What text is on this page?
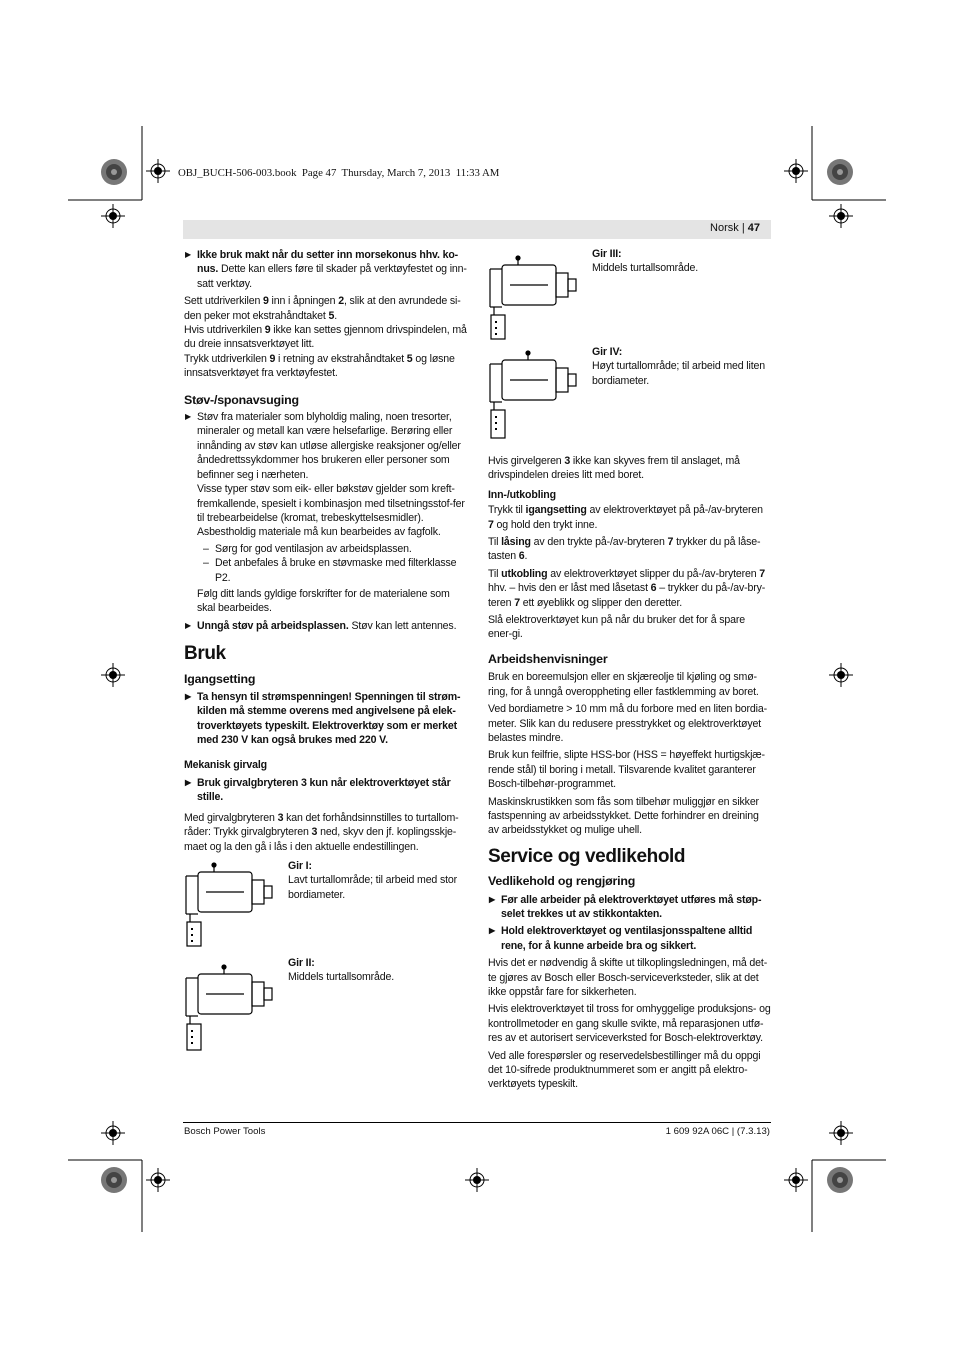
OBJ_BUCH-506-003.book  Page 47  Thursday, March 7, 2013  11:33 AM
Norsk | 47

▶ Ikke bruk makt når du setter inn morsekonus hhv. ko-nus. Dette kan ellers føre til skader på verktøyfestet og inn-satt verktøy.

Sett utdriverkilen 9 inn i åpningen 2, slik at den avrundede si-den peker mot ekstrahåndtaket 5.

Hvis utdriverkilen 9 ikke kan settes gjennom drivspindelen, må du dreie innsatsverktøyet litt.

Trykk utdriverkilen 9 i retning av ekstrahåndtaket 5 og løsne innsatsverktøyet fra verktøyfestet.

Støv-/sponavsuging

▶ Støv fra materialer som blyholdig maling, noen tresorter, mineraler og metall kan være helsefarlige. Berøring eller innånding av støv kan utløse allergiske reaksjoner og/eller åndedrettssykdommer hos brukeren eller personer som befinner seg i nærheten.

Visse typer støv som eik- eller bøkstøv gjelder som kreft-fremkallende, spesielt i kombinasjon med tilsetningsstof-fer til trebearbeidelse (kromat, trebeskyttelsesmidler). Asbestholdig materiale må kun bearbeides av fagfolk.

– Sørg for god ventilasjon av arbeidsplassen.

– Det anbefales å bruke en støvmaske med filterklasse P2.

Følg ditt lands gyldige forskrifter for de materialene som skal bearbeides.

▶ Unngå støv på arbeidsplassen. Støv kan lett antennes.

Bruk
Igangsetting

▶ Ta hensyn til strømspenningen! Spenningen til strøm-kilden må stemme overens med angivelsene på elek-troverktøyets typeskilt. Elektroverktøy som er merket med 230 V kan også brukes med 220 V.

Mekanisk girvalg

▶ Bruk girvalgbryteren 3 kun når elektroverktøyet står stille.

Med girvalgbryteren 3 kan det forhåndsinnstilles to turtallom-råder: Trykk girvalgbryteren 3 ned, skyv den jf. koplingsskje-maet og la den gå i lås i den aktuelle endestillingen.

Gir I:
Lavt turtallområde; til arbeid med stor bordiameter.
Gir II:
Middels turtallsområde.
Gir III:
Middels turtallsområde.
Gir IV:
Høyt turtallområde; til arbeid med liten bordiameter.

Hvis girvelgeren 3 ikke kan skyves frem til anslaget, må drivspindelen dreies litt med boret.

Inn-/utkobling

Trykk til igangsetting av elektroverktøyet på på-/av-bryteren 7 og hold den trykt inne.

Til låsing av den trykte på-/av-bryteren 7 trykker du på låse-tasten 6.

Til utkobling av elektroverktøyet slipper du på-/av-bryteren 7 hhv. – hvis den er låst med låsetast 6 – trykker du på-/av-bry-teren 7 ett øyeblikk og slipper den deretter.

Slå elektroverktøyet kun på når du bruker det for å spare ener-gi.

Arbeidshenvisninger

Bruk en boreemulsjon eller en skjæreolje til kjøling og smø-ring, for å unngå overoppheting eller fastklemming av boret.

Ved bordiametre > 10 mm må du forbore med en liten bordia-meter. Slik kan du redusere presstrykket og elektroverktøyet belastes mindre.

Bruk kun feilfrie, slipte HSS-bor (HSS = høyeffekt hurtigskjæ-rende stål) til boring i metall. Tilsvarende kvalitet garanterer Bosch-tilbehør-programmet.

Maskinskrustikken som fås som tilbehør muliggjør en sikker fastspenning av arbeidsstykket. Dette forhindrer en dreining av arbeidsstykket og mulige uhell.

Service og vedlikehold
Vedlikehold og rengjøring

▶ Før alle arbeider på elektroverktøyet utføres må støp-selet trekkes ut av stikkontakten.

▶ Hold elektroverktøyet og ventilasjonsspaltene alltid rene, for å kunne arbeide bra og sikkert.

Hvis det er nødvendig å skifte ut tilkoplingsledningen, må det-te gjøres av Bosch eller Bosch-serviceverksteder, slik at det ikke oppstår fare for sikkerheten.

Hvis elektroverktøyet til tross for omhyggelige produksjons- og kontrollmetoder en gang skulle svikte, må reparasjonen utfø-res av et autorisert serviceverksted for Bosch-elektroverktøy.

Ved alle forespørsler og reservedelsbestillinger må du oppgi det 10-sifrede produktnummeret som er angitt på elektro-verktøyets typeskilt.

Bosch Power Tools	1 609 92A 06C | (7.3.13)
